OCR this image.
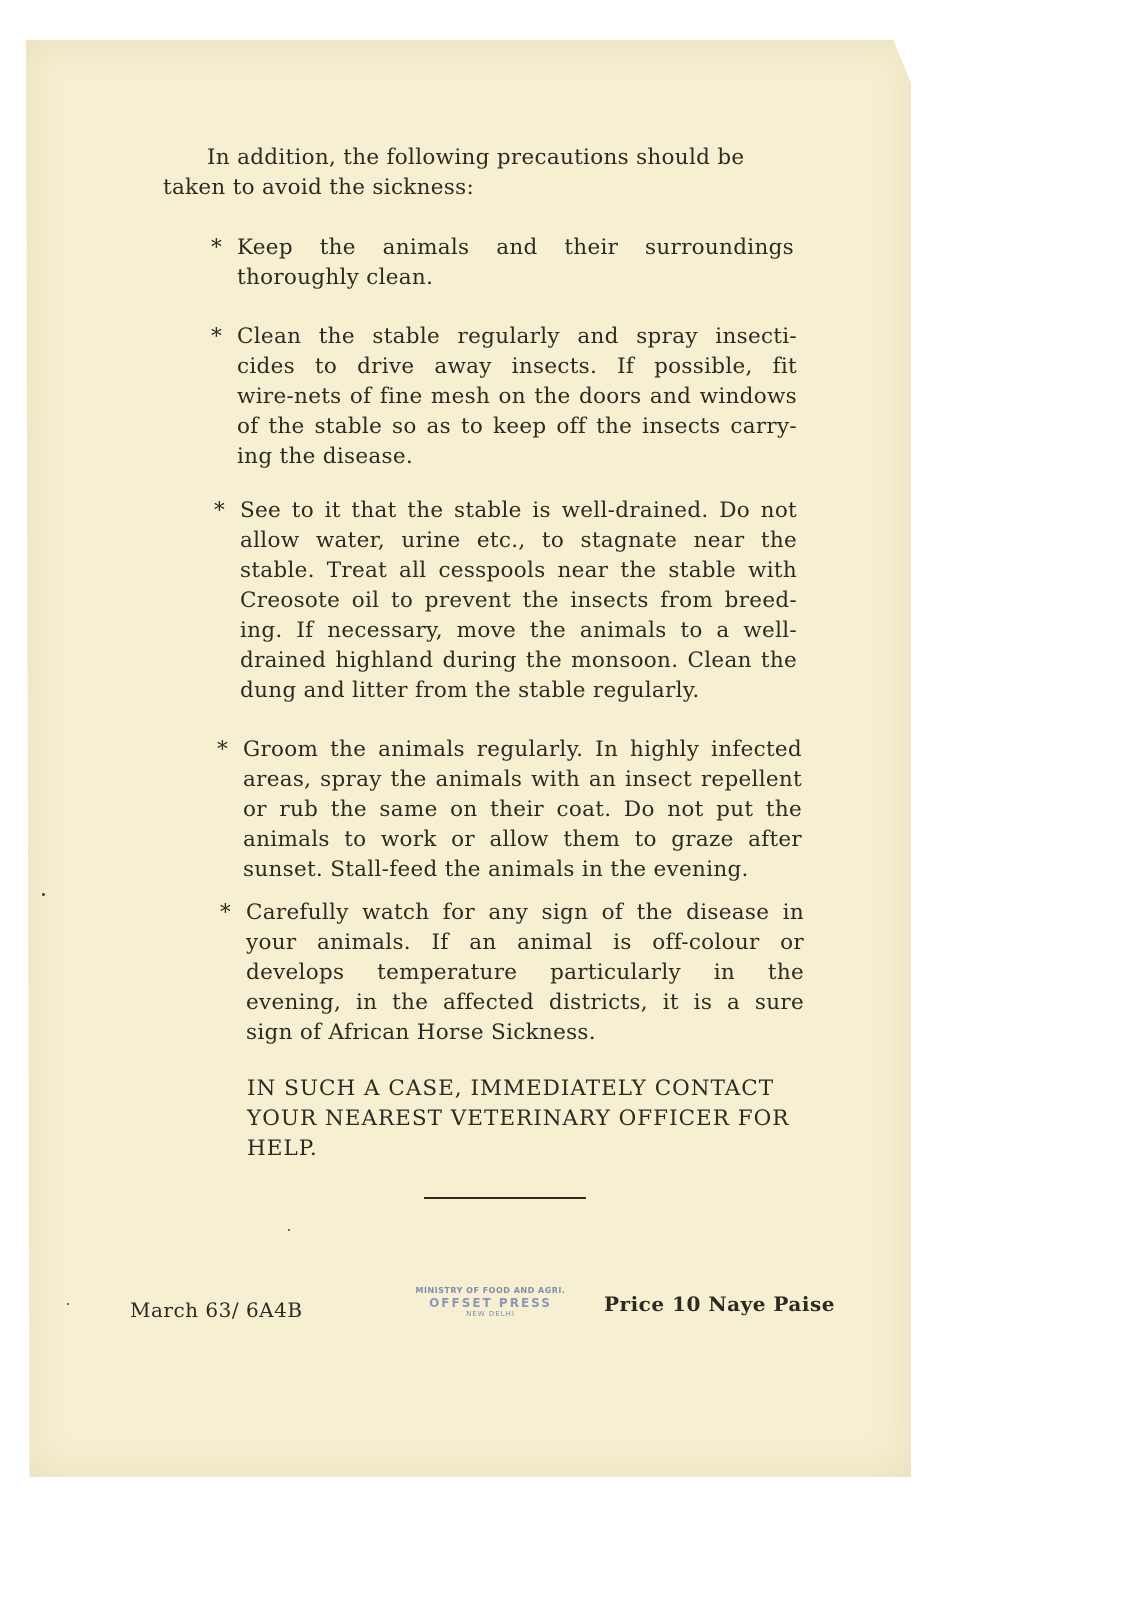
In addition, the following precautions should be
taken to avoid the sickness:
* Keep the animals and their surroundings
thoroughly clean.
* Clean the stable regularly and spray insecti-
cides to drive away insects. If possible, fit
wire-nets of fine mesh on the doors and windows
of the stable so as to keep off the insects carry-
ing the disease.
* See to it that the stable is well-drained. Do not
allow water, urine etc., to stagnate near the
stable. Treat all cesspools near the stable with
Creosote oil to prevent the insects from breed-
ing. If necessary, move the animals to a well-
drained highland during the monsoon. Clean the
dung and litter from the stable regularly.
* Groom the animals regularly. In highly infected
areas, spray the animals with an insect repellent
or rub the same on their coat. Do not put the
animals to work or allow them to graze after
sunset. Stall-feed the animals in the evening.
* Carefully watch for any sign of the disease in
your animals. If an animal is off-colour or
develops temperature particularly in the
evening, in the affected districts, it is a sure
sign of African Horse Sickness.
IN SUCH A CASE, IMMEDIATELY CONTACT
YOUR NEAREST VETERINARY OFFICER FOR
HELP.
March 63/ 6A4B
MINISTRY OF FOOD AND AGRI.
OFFSET PRESS
NEW DELHI	Price 10 Naye Paise
